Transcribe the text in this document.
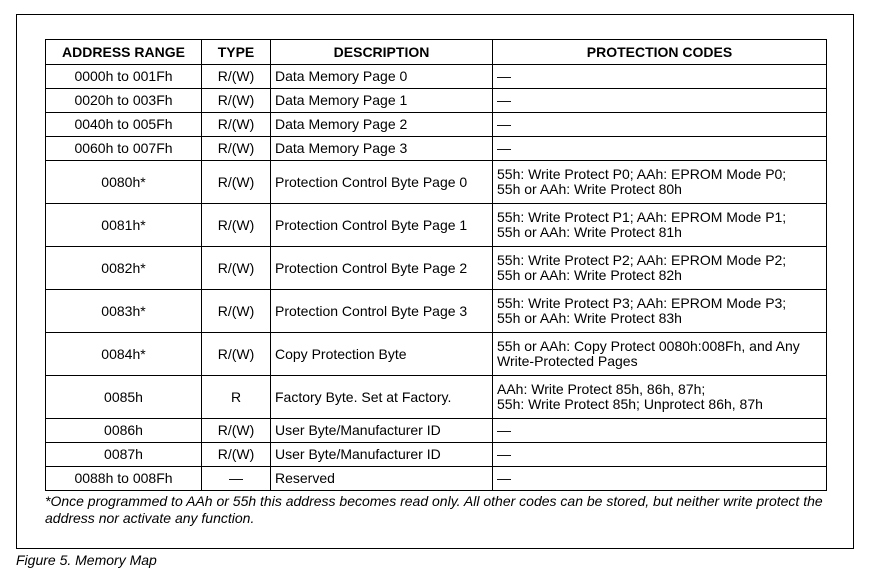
ADDRESS RANGE	TYPE	DESCRIPTION	PROTECTION CODES
0000h to 001Fh	R/(W)	Data Memory Page 0	—

0020h to 003Fh	R/(W)	Data Memory Page 1	—

0040h to 005Fh	R/(W)	Data Memory Page 2	—

0060h to 007Fh	R/(W)	Data Memory Page 3	—

0080h*	R/(W)	Protection Control Byte Page 0	55h: Write Protect P0; AAh: EPROM Mode P0;
55h or AAh: Write Protect 80h

0081h*	R/(W)	Protection Control Byte Page 1	55h: Write Protect P1; AAh: EPROM Mode P1;
55h or AAh: Write Protect 81h

0082h*	R/(W)	Protection Control Byte Page 2	55h: Write Protect P2; AAh: EPROM Mode P2;
55h or AAh: Write Protect 82h

0083h*	R/(W)	Protection Control Byte Page 3	55h: Write Protect P3; AAh: EPROM Mode P3;
55h or AAh: Write Protect 83h

0084h*	R/(W)	Copy Protection Byte	55h or AAh: Copy Protect 0080h:008Fh, and Any
Write-Protected Pages

0085h	R	Factory Byte. Set at Factory.	AAh: Write Protect 85h, 86h, 87h;
55h: Write Protect 85h; Unprotect 86h, 87h

0086h	R/(W)	User Byte/Manufacturer ID	—

0087h	R/(W)	User Byte/Manufacturer ID	—

0088h to 008Fh	—	Reserved	—
*Once programmed to AAh or 55h this address becomes read only. All other codes can be stored, but neither write protect the address nor activate any function.
Figure 5. Memory Map
